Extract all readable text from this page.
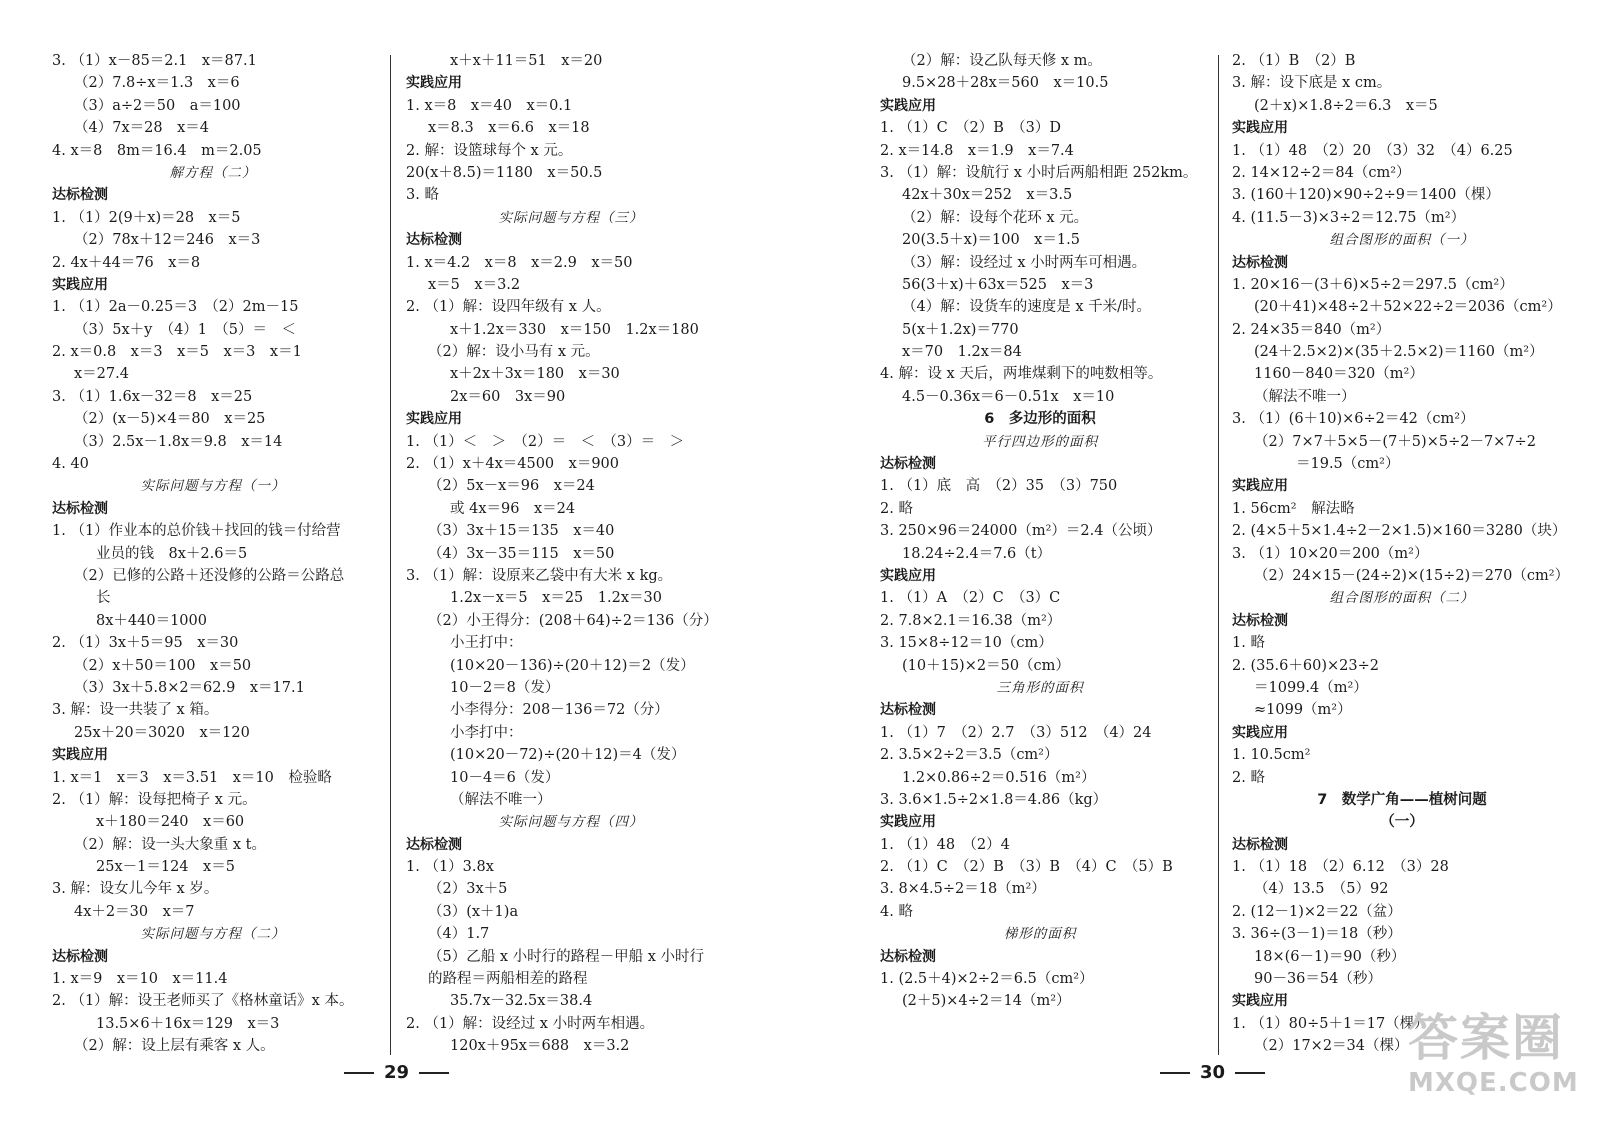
3. （1）x－85＝2.1　x＝87.1
（2）7.8÷x＝1.3　x＝6
（3）a÷2＝50　a＝100
（4）7x＝28　x＝4
4. x＝8　8m＝16.4　m＝2.05
解方程（二）
达标检测
1. （1）2(9＋x)＝28　x＝5
（2）78x＋12＝246　x＝3
2. 4x＋44＝76　x＝8
实践应用
1. （1）2a－0.25＝3　（2）2m－15
（3）5x＋y　（4）1　（5）＝　＜
2. x＝0.8　x＝3　x＝5　x＝3　x＝1
x＝27.4
3. （1）1.6x－32＝8　x＝25
（2）(x－5)×4＝80　x＝25
（3）2.5x－1.8x＝9.8　x＝14
4. 40
实际问题与方程（一）
达标检测
1. （1）作业本的总价钱＋找回的钱＝付给营
业员的钱　8x＋2.6＝5
（2）已修的公路＋还没修的公路＝公路总
长
8x＋440＝1000
2. （1）3x＋5＝95　x＝30
（2）x＋50＝100　x＝50
（3）3x＋5.8×2＝62.9　x＝17.1
3. 解：设一共装了 x 箱。
25x＋20＝3020　x＝120
实践应用
1. x＝1　x＝3　x＝3.51　x＝10　检验略
2. （1）解：设每把椅子 x 元。
x＋180＝240　x＝60
（2）解：设一头大象重 x t。
25x－1＝124　x＝5
3. 解：设女儿今年 x 岁。
4x＋2＝30　x＝7
实际问题与方程（二）
达标检测
1. x＝9　x＝10　x＝11.4
2. （1）解：设王老师买了《格林童话》x 本。
13.5×6＋16x＝129　x＝3
（2）解：设上层有乘客 x 人。
x＋x＋11＝51　x＝20
实践应用
1. x＝8　x＝40　x＝0.1
x＝8.3　x＝6.6　x＝18
2. 解：设篮球每个 x 元。
20(x＋8.5)＝1180　x＝50.5
3. 略
实际问题与方程（三）
达标检测
1. x＝4.2　x＝8　x＝2.9　x＝50
x＝5　x＝3.2
2. （1）解：设四年级有 x 人。
x＋1.2x＝330　x＝150　1.2x＝180
（2）解：设小马有 x 元。
x＋2x＋3x＝180　x＝30
2x＝60　3x＝90
实践应用
1. （1）＜　＞　（2）＝　＜　（3）＝　＞
2. （1）x＋4x＝4500　x＝900
（2）5x－x＝96　x＝24
或 4x＝96　x＝24
（3）3x＋15＝135　x＝40
（4）3x－35＝115　x＝50
3. （1）解：设原来乙袋中有大米 x kg。
1.2x－x＝5　x＝25　1.2x＝30
（2）小王得分：(208＋64)÷2＝136（分）
小王打中：
(10×20－136)÷(20＋12)＝2（发）
10－2＝8（发）
小李得分：208－136＝72（分）
小李打中：
(10×20－72)÷(20＋12)＝4（发）
10－4＝6（发）
（解法不唯一）
实际问题与方程（四）
达标检测
1. （1）3.8x
（2）3x＋5
（3）(x＋1)a
（4）1.7
（5）乙船 x 小时行的路程－甲船 x 小时行
的路程＝两船相差的路程
35.7x－32.5x＝38.4
2. （1）解：设经过 x 小时两车相遇。
120x＋95x＝688　x＝3.2
（2）解：设乙队每天修 x m。
9.5×28＋28x＝560　x＝10.5
实践应用
1. （1）C　（2）B　（3）D
2. x＝14.8　x＝1.9　x＝7.4
3. （1）解：设航行 x 小时后两船相距 252km。
42x＋30x＝252　x＝3.5
（2）解：设每个花环 x 元。
20(3.5＋x)＝100　x＝1.5
（3）解：设经过 x 小时两车可相遇。
56(3＋x)＋63x＝525　x＝3
（4）解：设货车的速度是 x 千米/时。
5(x＋1.2x)＝770
x＝70　1.2x＝84
4. 解：设 x 天后，两堆煤剩下的吨数相等。
4.5－0.36x＝6－0.51x　x＝10
6　多边形的面积
平行四边形的面积
达标检测
1. （1）底　高　（2）35　（3）750
2. 略
3. 250×96＝24000（m²）＝2.4（公顷）
18.24÷2.4＝7.6（t）
实践应用
1. （1）A　（2）C　（3）C
2. 7.8×2.1＝16.38（m²）
3. 15×8÷12＝10（cm）
(10＋15)×2＝50（cm）
三角形的面积
达标检测
1. （1）7　（2）2.7　（3）512　（4）24
2. 3.5×2÷2＝3.5（cm²）
1.2×0.86÷2＝0.516（m²）
3. 3.6×1.5÷2×1.8＝4.86（kg）
实践应用
1. （1）48　（2）4
2. （1）C　（2）B　（3）B　（4）C　（5）B
3. 8×4.5÷2＝18（m²）
4. 略
梯形的面积
达标检测
1. (2.5＋4)×2÷2＝6.5（cm²）
(2＋5)×4÷2＝14（m²）
2. （1）B　（2）B
3. 解：设下底是 x cm。
(2＋x)×1.8÷2＝6.3　x＝5
实践应用
1. （1）48　（2）20　（3）32　（4）6.25
2. 14×12÷2＝84（cm²）
3. (160＋120)×90÷2÷9＝1400（棵）
4. (11.5－3)×3÷2＝12.75（m²）
组合图形的面积（一）
达标检测
1. 20×16－(3＋6)×5÷2＝297.5（cm²）
(20＋41)×48÷2＋52×22÷2＝2036（cm²）
2. 24×35＝840（m²）
(24＋2.5×2)×(35＋2.5×2)＝1160（m²）
1160－840＝320（m²）
（解法不唯一）
3. （1）(6＋10)×6÷2＝42（cm²）
（2）7×7＋5×5－(7＋5)×5÷2－7×7÷2
＝19.5（cm²）
实践应用
1. 56cm²　解法略
2. (4×5＋5×1.4÷2－2×1.5)×160＝3280（块）
3. （1）10×20＝200（m²）
（2）24×15－(24÷2)×(15÷2)＝270（cm²）
组合图形的面积（二）
达标检测
1. 略
2. (35.6＋60)×23÷2
＝1099.4（m²）
≈1099（m²）
实践应用
1. 10.5cm²
2. 略
7　数学广角——植树问题
（一）
达标检测
1. （1）18　（2）6.12　（3）28
（4）13.5　（5）92
2. (12－1)×2＝22（盆）
3. 36÷(3－1)＝18（秒）
18×(6－1)＝90（秒）
90－36＝54（秒）
实践应用
1. （1）80÷5＋1＝17（棵）
（2）17×2＝34（棵）
29	30
答案圈
MXQE.COM
